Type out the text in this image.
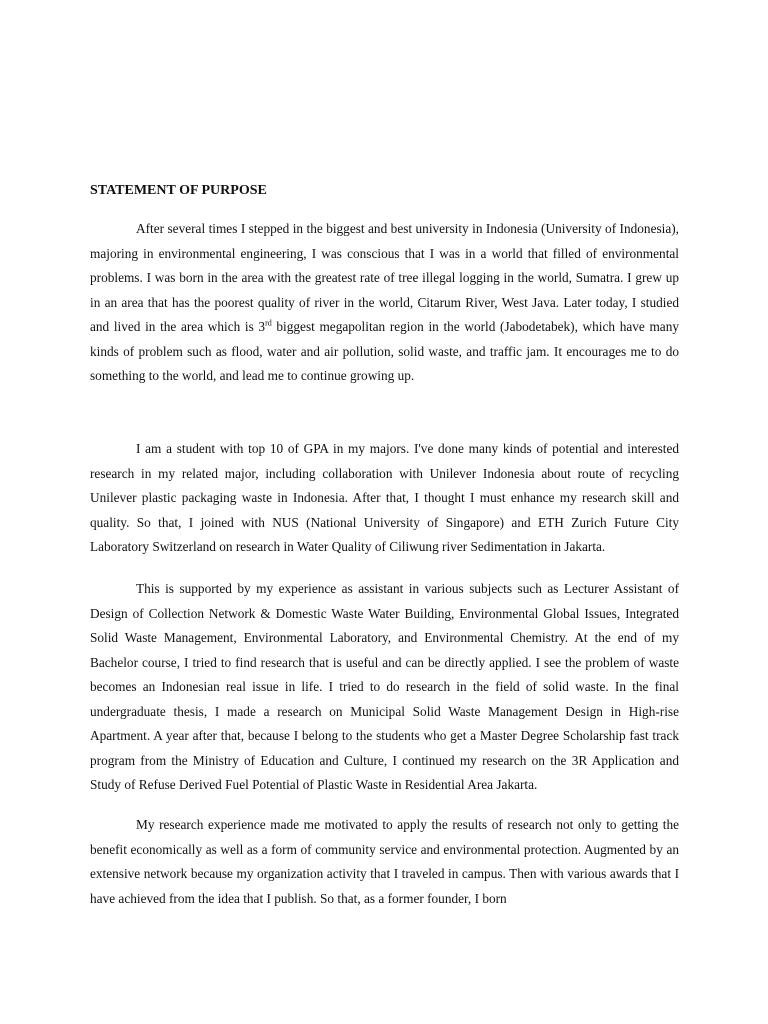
STATEMENT OF PURPOSE

After several times I stepped in the biggest and best university in Indonesia (University of Indonesia), majoring in environmental engineering, I was conscious that I was in a world that filled of environmental problems. I was born in the area with the greatest rate of tree illegal logging in the world, Sumatra. I grew up in an area that has the poorest quality of river in the world, Citarum River, West Java. Later today, I studied and lived in the area which is 3rd biggest megapolitan region in the world (Jabodetabek), which have many kinds of problem such as flood, water and air pollution, solid waste, and traffic jam. It encourages me to do something to the world, and lead me to continue growing up.

I am a student with top 10 of GPA in my majors. I've done many kinds of potential and interested research in my related major, including collaboration with Unilever Indonesia about route of recycling Unilever plastic packaging waste in Indonesia. After that, I thought I must enhance my research skill and quality. So that, I joined with NUS (National University of Singapore) and ETH Zurich Future City Laboratory Switzerland on research in Water Quality of Ciliwung river Sedimentation in Jakarta.

This is supported by my experience as assistant in various subjects such as Lecturer Assistant of Design of Collection Network & Domestic Waste Water Building, Environmental Global Issues, Integrated Solid Waste Management, Environmental Laboratory, and Environmental Chemistry. At the end of my Bachelor course, I tried to find research that is useful and can be directly applied. I see the problem of waste becomes an Indonesian real issue in life. I tried to do research in the field of solid waste. In the final undergraduate thesis, I made a research on Municipal Solid Waste Management Design in High-rise Apartment. A year after that, because I belong to the students who get a Master Degree Scholarship fast track program from the Ministry of Education and Culture, I continued my research on the 3R Application and Study of Refuse Derived Fuel Potential of Plastic Waste in Residential Area Jakarta.

My research experience made me motivated to apply the results of research not only to getting the benefit economically as well as a form of community service and environmental protection. Augmented by an extensive network because my organization activity that I traveled in campus. Then with various awards that I have achieved from the idea that I publish. So that, as a former founder, I born
